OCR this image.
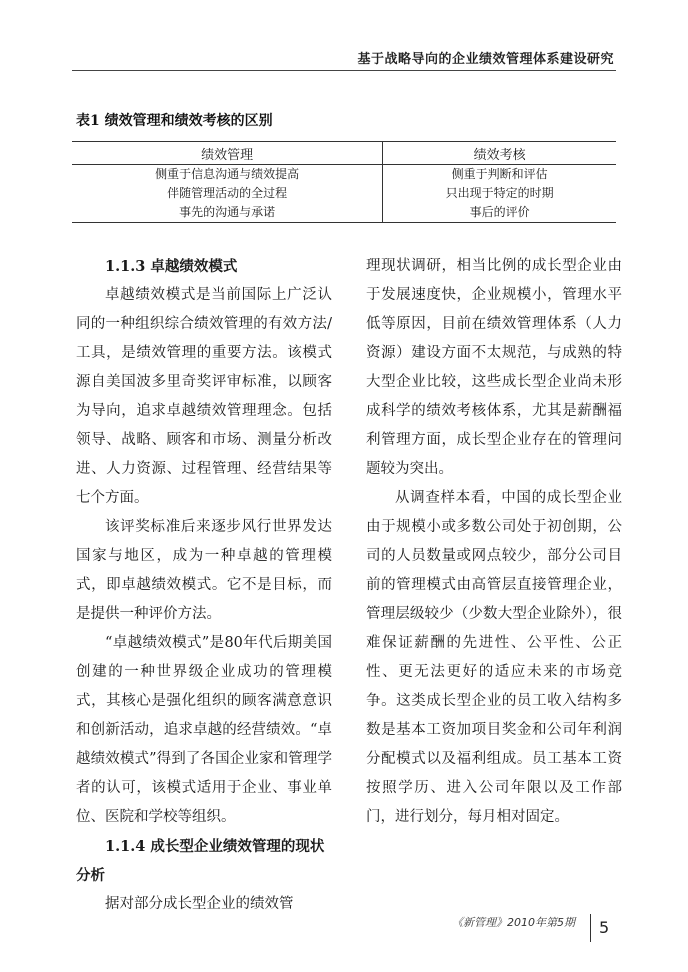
基于战略导向的企业绩效管理体系建设研究
表1 绩效管理和绩效考核的区别
绩效管理	绩效考核
侧重于信息沟通与绩效提高	侧重于判断和评估
伴随管理活动的全过程	只出现于特定的时期
事先的沟通与承诺	事后的评价
1.1.3 卓越绩效模式

卓越绩效模式是当前国际上广泛认同的一种组织综合绩效管理的有效方法/工具，是绩效管理的重要方法。该模式源自美国波多里奇奖评审标准，以顾客为导向，追求卓越绩效管理理念。包括领导、战略、顾客和市场、测量分析改进、人力资源、过程管理、经营结果等七个方面。

该评奖标准后来逐步风行世界发达国家与地区，成为一种卓越的管理模式，即卓越绩效模式。它不是目标，而是提供一种评价方法。

“卓越绩效模式”是80年代后期美国创建的一种世界级企业成功的管理模式，其核心是强化组织的顾客满意意识和创新活动，追求卓越的经营绩效。“卓越绩效模式”得到了各国企业家和管理学者的认可，该模式适用于企业、事业单位、医院和学校等组织。

1.1.4 成长型企业绩效管理的现状分析

据对部分成长型企业的绩效管

理现状调研，相当比例的成长型企业由于发展速度快，企业规模小，管理水平低等原因，目前在绩效管理体系（人力资源）建设方面不太规范，与成熟的特大型企业比较，这些成长型企业尚未形成科学的绩效考核体系，尤其是薪酬福利管理方面，成长型企业存在的管理问题较为突出。

从调查样本看，中国的成长型企业由于规模小或多数公司处于初创期，公司的人员数量或网点较少，部分公司目前的管理模式由高管层直接管理企业，管理层级较少（少数大型企业除外），很难保证薪酬的先进性、公平性、公正性、更无法更好的适应未来的市场竞争。这类成长型企业的员工收入结构多数是基本工资加项目奖金和公司年利润分配模式以及福利组成。员工基本工资按照学历、进入公司年限以及工作部门，进行划分，每月相对固定。

《新管理》2010年第5期 5
